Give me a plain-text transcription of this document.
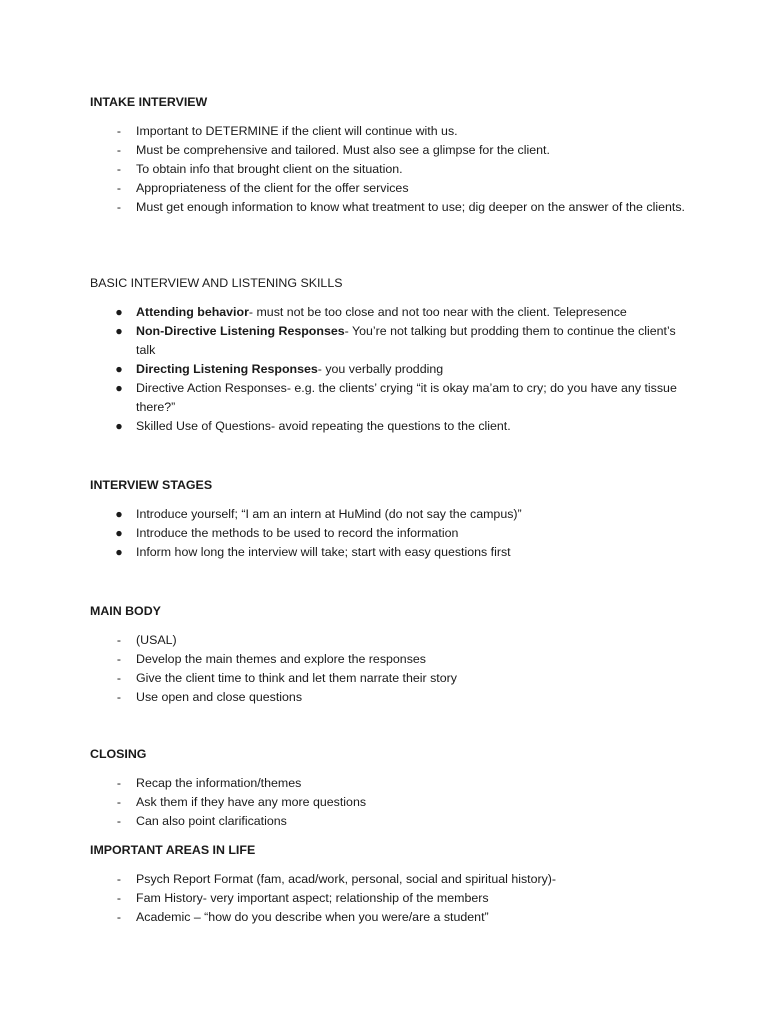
INTAKE INTERVIEW

-	Important to DETERMINE if the client will continue with us.
-	Must be comprehensive and tailored. Must also see a glimpse for the client.
-	To obtain info that brought client on the situation.
-	Appropriateness of the client for the offer services
-	Must get enough information to know what treatment to use; dig deeper on the answer of the clients.

BASIC INTERVIEW AND LISTENING SKILLS

● Attending behavior- must not be too close and not too near with the client. Telepresence
● Non-Directive Listening Responses- You’re not talking but prodding them to continue the client’s talk
● Directing Listening Responses- you verbally prodding
● Directive Action Responses- e.g. the clients’ crying “it is okay ma’am to cry; do you have any tissue there?”
● Skilled Use of Questions- avoid repeating the questions to the client.

INTERVIEW STAGES

● Introduce yourself; “I am an intern at HuMind (do not say the campus)”
● Introduce the methods to be used to record the information
● Inform how long the interview will take; start with easy questions first

MAIN BODY

-	(USAL)
-	Develop the main themes and explore the responses
-	Give the client time to think and let them narrate their story
-	Use open and close questions

CLOSING

-	Recap the information/themes
-	Ask them if they have any more questions
-	Can also point clarifications

IMPORTANT AREAS IN LIFE

-	Psych Report Format (fam, acad/work, personal, social and spiritual history)-
-	Fam History- very important aspect; relationship of the members
-	Academic – “how do you describe when you were/are a student”
